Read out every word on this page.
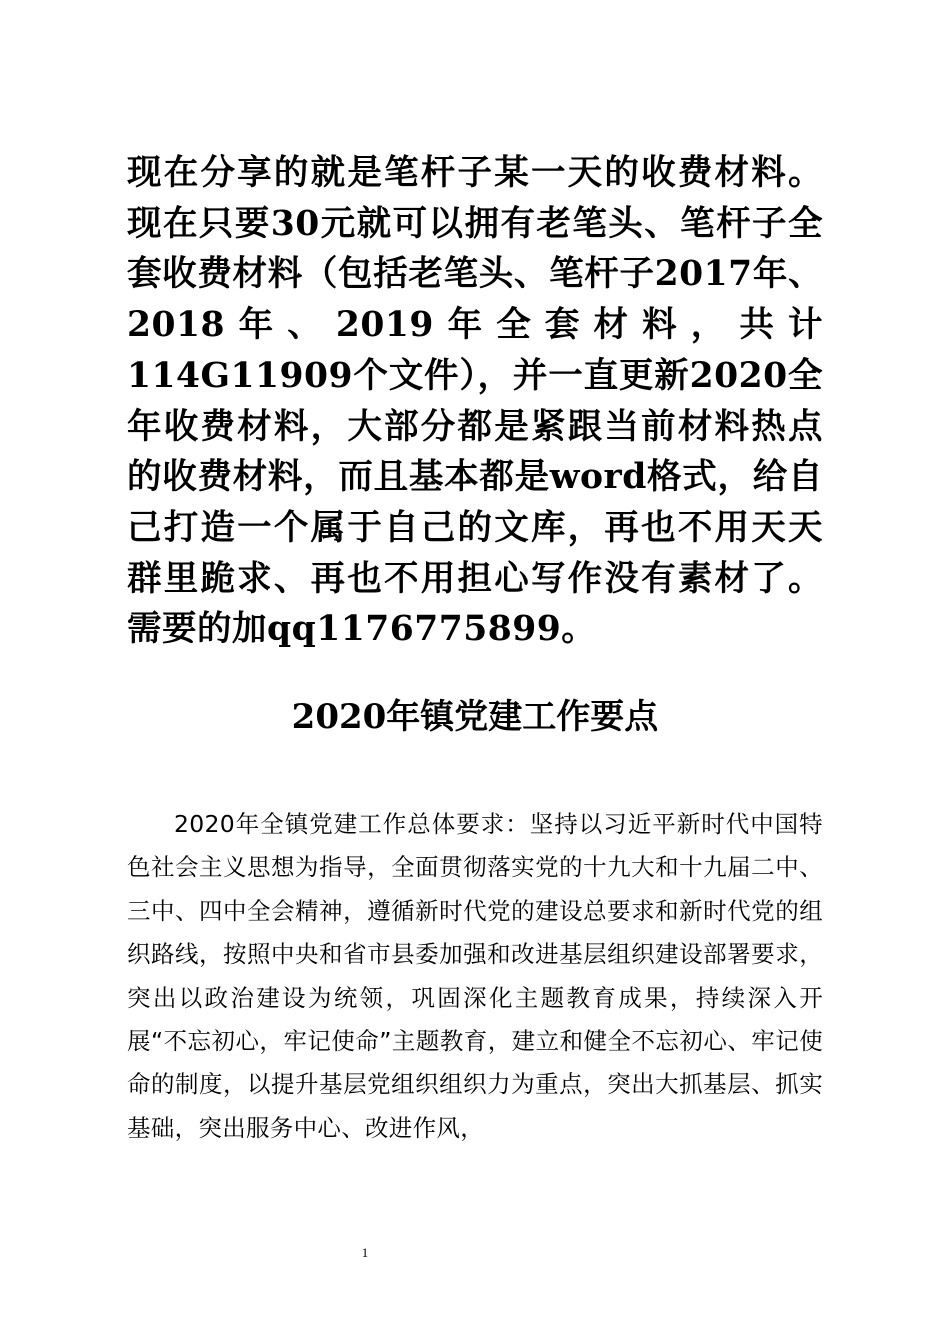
现在分享的就是笔杆子某一天的收费材料。现在只要30元就可以拥有老笔头、笔杆子全套收费材料（包括老笔头、笔杆子2017年、2018年、2019年全套材料，共计114G11909个文件），并一直更新2020全年收费材料，大部分都是紧跟当前材料热点的收费材料，而且基本都是word格式，给自己打造一个属于自己的文库，再也不用天天群里跪求、再也不用担心写作没有素材了。需要的加qq1176775899。

2020年镇党建工作要点

2020年全镇党建工作总体要求：坚持以习近平新时代中国特色社会主义思想为指导，全面贯彻落实党的十九大和十九届二中、三中、四中全会精神，遵循新时代党的建设总要求和新时代党的组织路线，按照中央和省市县委加强和改进基层组织建设部署要求，突出以政治建设为统领，巩固深化主题教育成果，持续深入开展“不忘初心，牢记使命”主题教育，建立和健全不忘初心、牢记使命的制度，以提升基层党组织组织力为重点，突出大抓基层、抓实基础，突出服务中心、改进作风，

1
